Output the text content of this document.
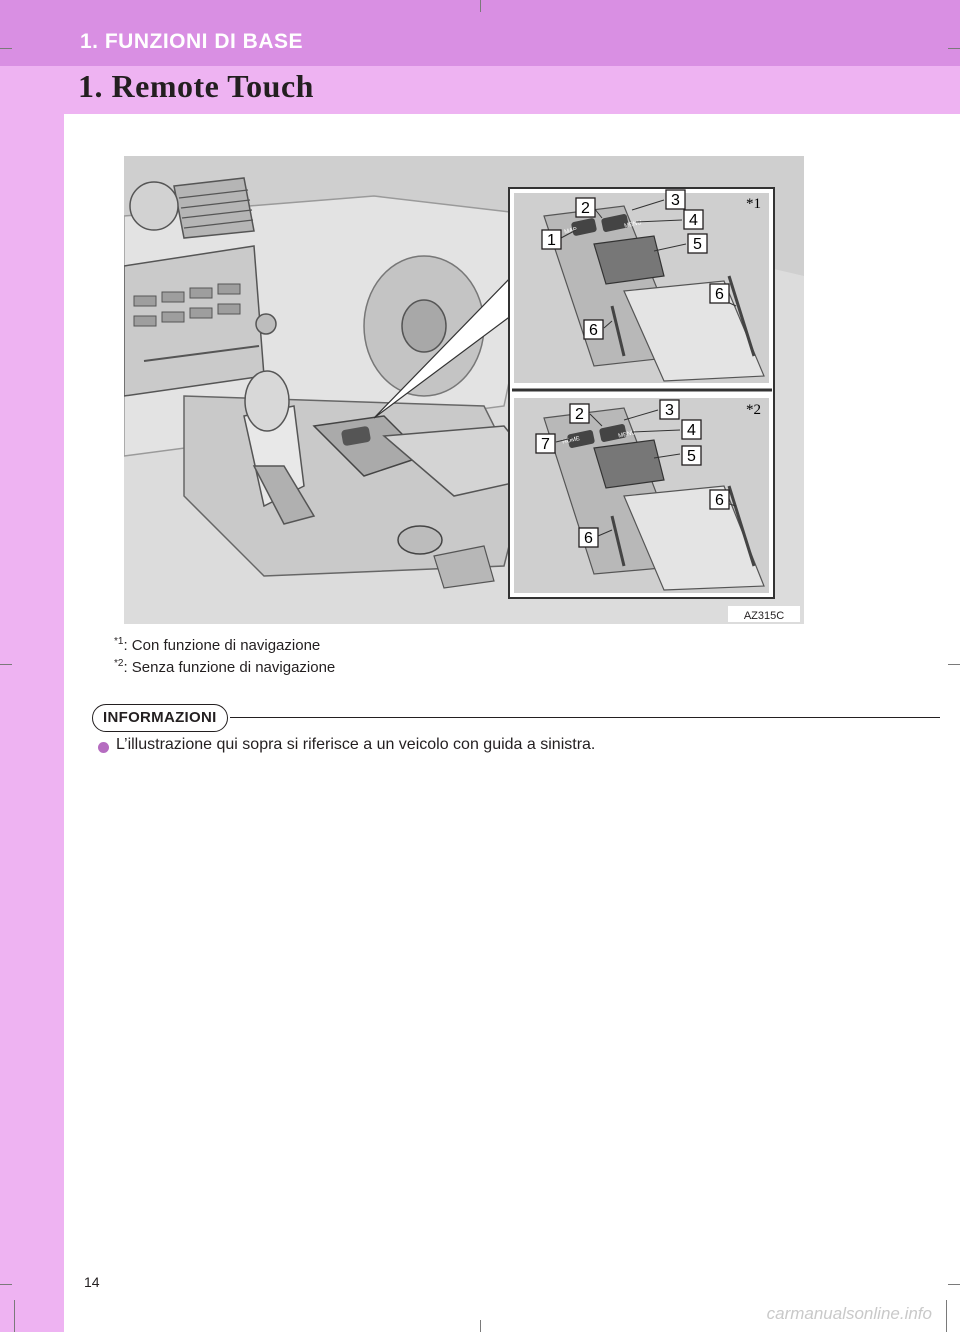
1. FUNZIONI DI BASE
1. Remote Touch
MAP
MENU
HOME
MENU
1
2	3
4
5
6
6
*1
2	3
4
5
6
6
7
*2
AZ315C
$^{*1}$: Con funzione di navigazione
$^{*2}$: Senza funzione di navigazione
INFORMAZIONI
L’illustrazione qui sopra si riferisce a un veicolo con guida a sinistra.
14
carmanualsonline.info
